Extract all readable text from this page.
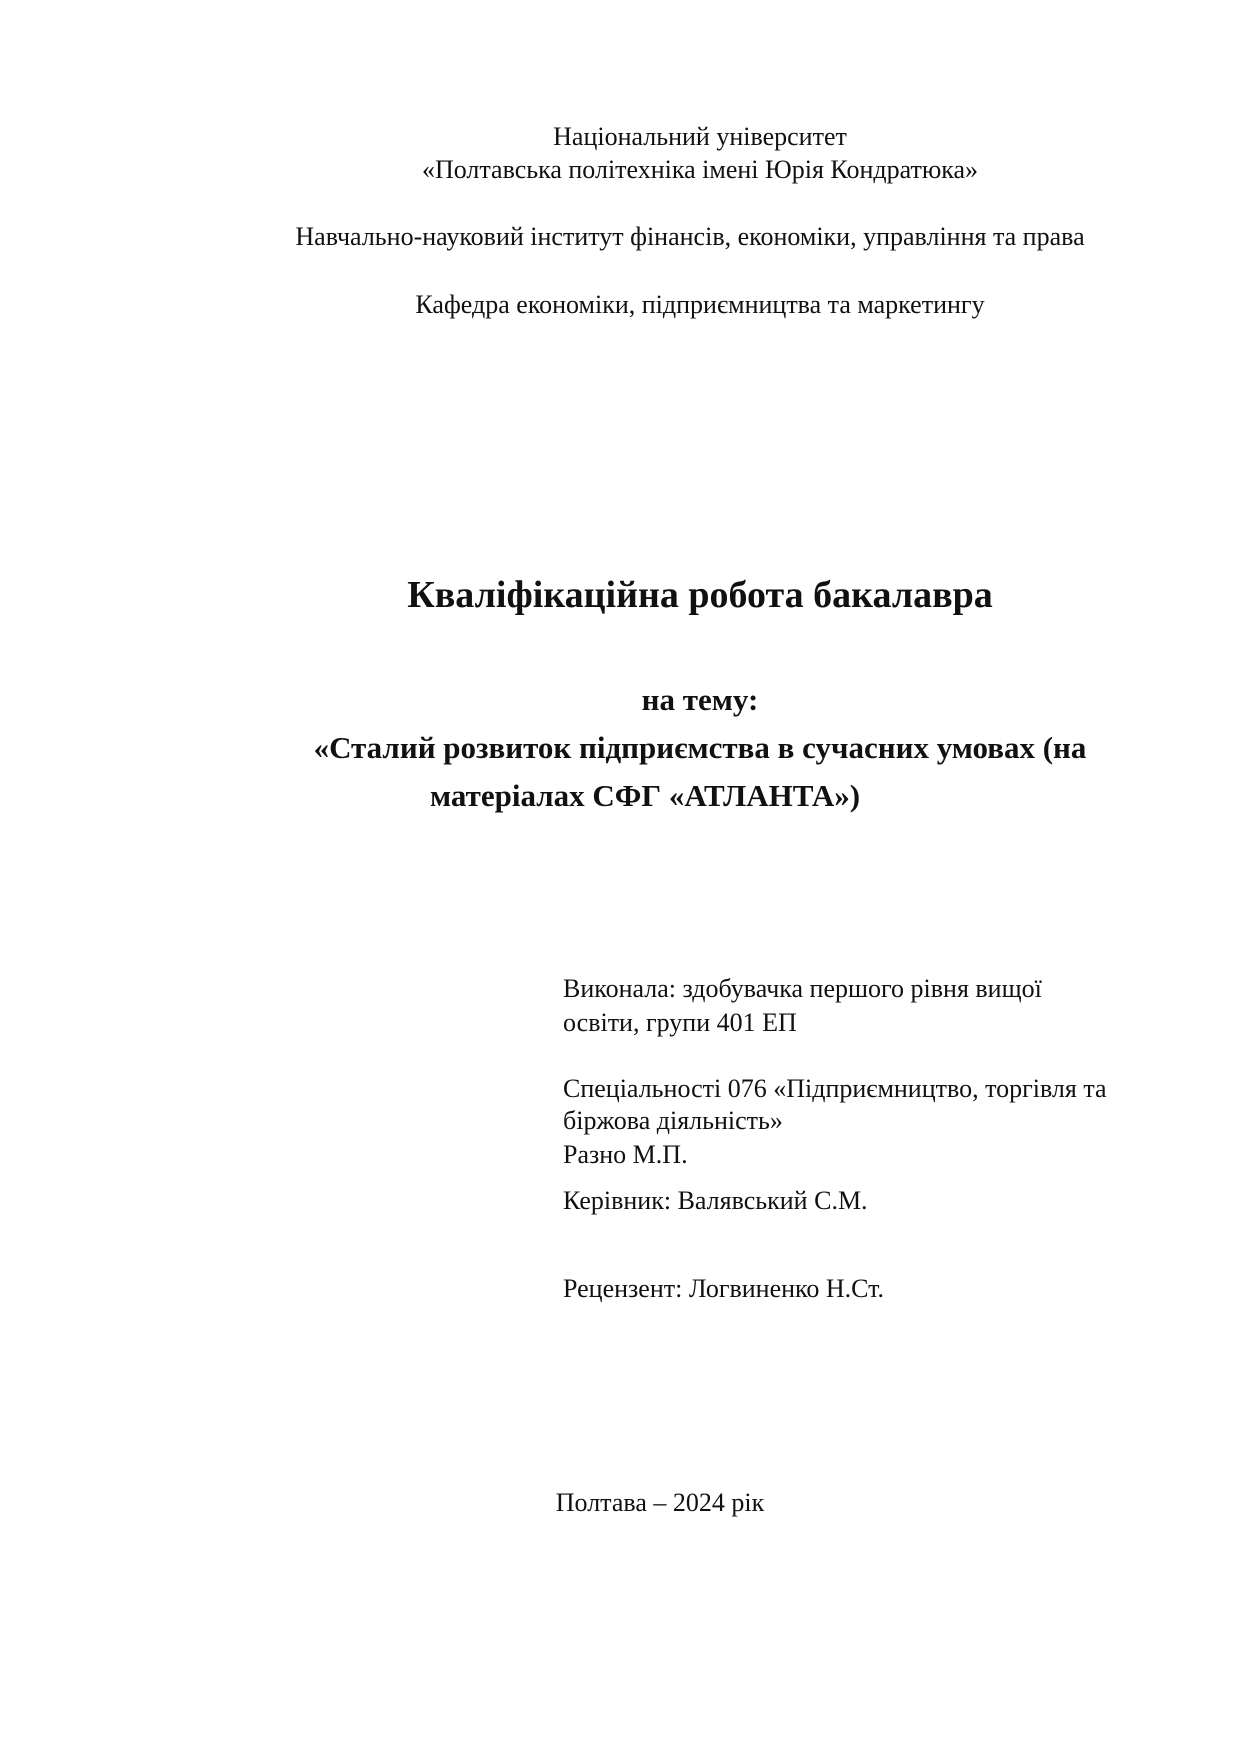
Національний університет
«Полтавська політехніка імені Юрія Кондратюка»
Навчально-науковий інститут фінансів, економіки, управління та права
Кафедра економіки, підприємництва та маркетингу
Кваліфікаційна робота бакалавра
на тему:
«Сталий розвиток підприємства в сучасних умовах (на
матеріалах СФГ «АТЛАНТА»)
Виконала: здобувачка першого рівня вищої
освіти, групи 401 ЕП
Спеціальності 076 «Підприємництво, торгівля та
біржова діяльність»
Разно М.П.
Керівник: Валявський С.М.
Рецензент: Логвиненко Н.Ст.
Полтава – 2024 рік
